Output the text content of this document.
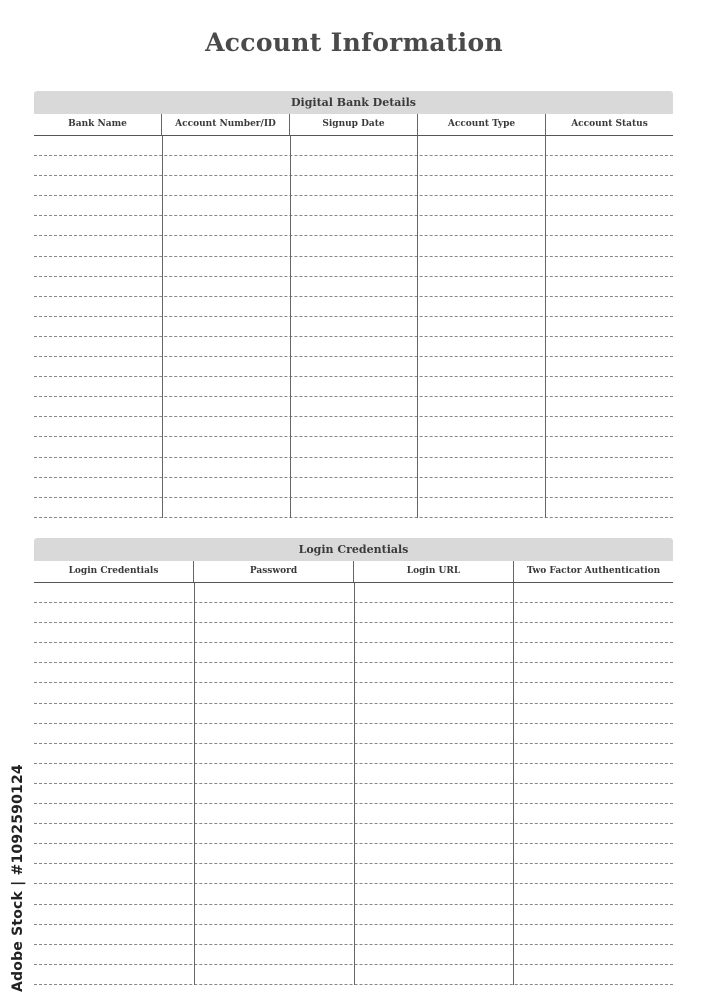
Account Information
Digital Bank Details
Bank Name	Account Number/ID	Signup Date	Account Type	Account Status
Login Credentials
Login Credentials	Password	Login URL	Two Factor Authentication
Adobe Stock | #1092590124
